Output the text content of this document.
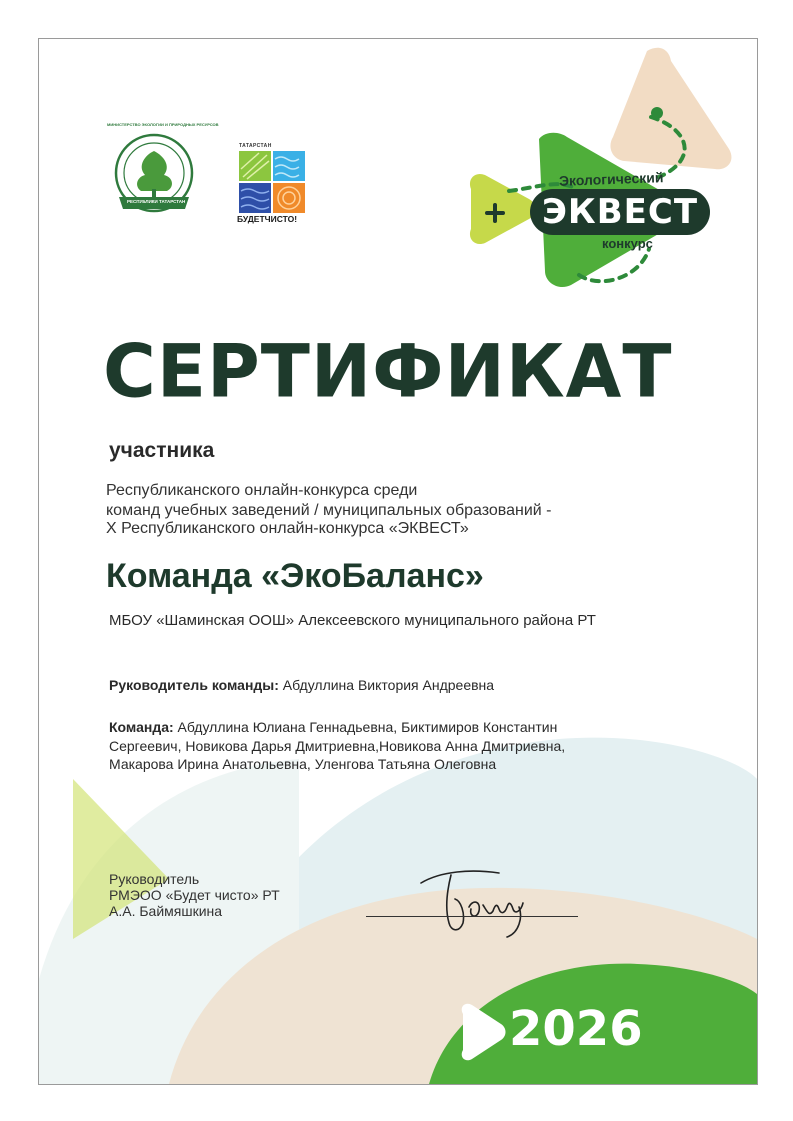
РЕСПУБЛИКИ ТАТАРСТАН
МИНИСТЕРСТВО ЭКОЛОГИИ И ПРИРОДНЫХ РЕСУРСОВ
ТАТАРСТАН
БУДЕТЧИСТО!
Экологический
ЭКВЕСТ
конкурс
СЕРТИФИКАТ
участника
Республиканского онлайн-конкурса среди
команд учебных заведений / муниципальных образований -
X Республиканского онлайн-конкурса «ЭКВЕСТ»
Команда «ЭкоБаланс»
МБОУ «Шаминская ООШ» Алексеевского муниципального района РТ
Руководитель команды: Абдуллина Виктория Андреевна
Команда: Абдуллина Юлиана Геннадьевна, Биктимиров Константин
Сергеевич, Новикова Дарья Дмитриевна,Новикова Анна Дмитриевна,
Макарова Ирина Анатольевна, Уленгова Татьяна Олеговна
Руководитель
РМЭОО «Будет чисто» РТ
А.А. Баймяшкина
2026
